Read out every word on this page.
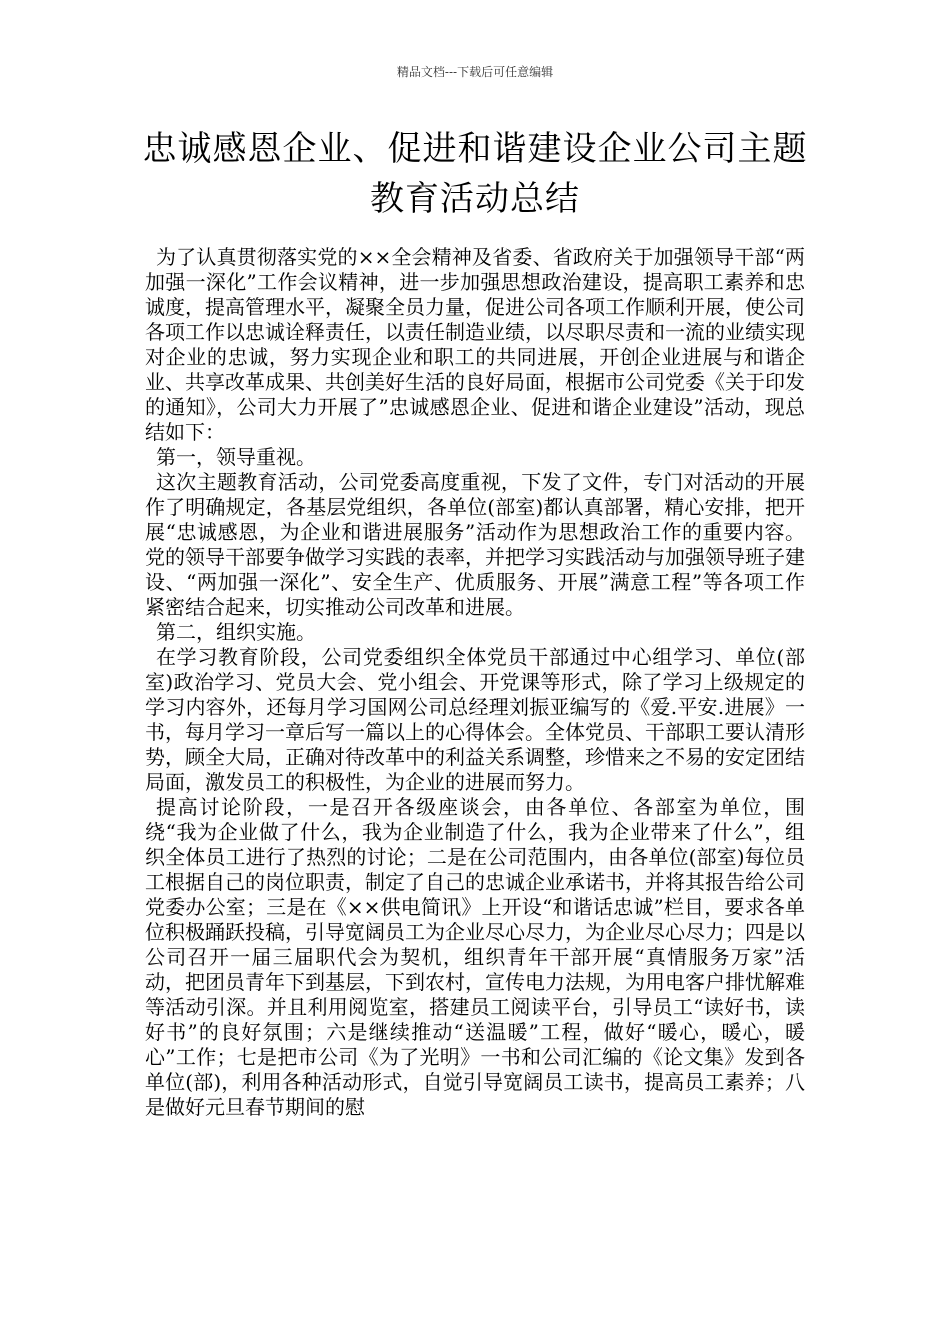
精品文档---下载后可任意编辑
忠诚感恩企业、促进和谐建设企业公司主题教育活动总结

为了认真贯彻落实党的××全会精神及省委、省政府关于加强领导干部“两加强一深化”工作会议精神，进一步加强思想政治建设，提高职工素养和忠诚度，提高管理水平，凝聚全员力量，促进公司各项工作顺利开展，使公司各项工作以忠诚诠释责任，以责任制造业绩，以尽职尽责和一流的业绩实现对企业的忠诚，努力实现企业和职工的共同进展，开创企业进展与和谐企业、共享改革成果、共创美好生活的良好局面，根据市公司党委《关于印发的通知》，公司大力开展了”忠诚感恩企业、促进和谐企业建设”活动，现总结如下：

第一，领导重视。

这次主题教育活动，公司党委高度重视，下发了文件，专门对活动的开展作了明确规定，各基层党组织，各单位(部室)都认真部署，精心安排，把开展“忠诚感恩，为企业和谐进展服务”活动作为思想政治工作的重要内容。党的领导干部要争做学习实践的表率，并把学习实践活动与加强领导班子建设、“两加强一深化”、安全生产、优质服务、开展”满意工程”等各项工作紧密结合起来，切实推动公司改革和进展。

第二，组织实施。

在学习教育阶段，公司党委组织全体党员干部通过中心组学习、单位(部室)政治学习、党员大会、党小组会、开党课等形式，除了学习上级规定的学习内容外，还每月学习国网公司总经理刘振亚编写的《爱.平安.进展》一书，每月学习一章后写一篇以上的心得体会。全体党员、干部职工要认清形势，顾全大局，正确对待改革中的利益关系调整，珍惜来之不易的安定团结局面，激发员工的积极性，为企业的进展而努力。

提高讨论阶段，一是召开各级座谈会，由各单位、各部室为单位，围绕“我为企业做了什么，我为企业制造了什么，我为企业带来了什么”，组织全体员工进行了热烈的讨论；二是在公司范围内，由各单位(部室)每位员工根据自己的岗位职责，制定了自己的忠诚企业承诺书，并将其报告给公司党委办公室；三是在《××供电简讯》上开设“和谐话忠诚”栏目，要求各单位积极踊跃投稿，引导宽阔员工为企业尽心尽力，为企业尽心尽力；四是以公司召开一届三届职代会为契机，组织青年干部开展“真情服务万家”活动，把团员青年下到基层，下到农村，宣传电力法规，为用电客户排忧解难等活动引深。并且利用阅览室，搭建员工阅读平台，引导员工“读好书，读好书”的良好氛围；六是继续推动“送温暖”工程，做好“暖心，暖心，暖心”工作；七是把市公司《为了光明》一书和公司汇编的《论文集》发到各单位(部)，利用各种活动形式，自觉引导宽阔员工读书，提高员工素养；八是做好元旦春节期间的慰
